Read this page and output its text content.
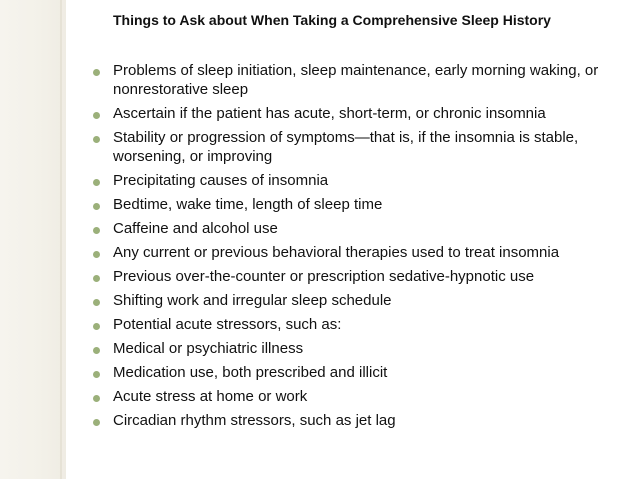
Things to Ask about When Taking a Comprehensive Sleep History
Problems of sleep initiation, sleep maintenance, early morning waking, or nonrestorative sleep
Ascertain if the patient has acute, short-term, or chronic insomnia
Stability or progression of symptoms—that is, if the insomnia is stable, worsening, or improving
Precipitating causes of insomnia
Bedtime, wake time, length of sleep time
Caffeine and alcohol use
Any current or previous behavioral therapies used to treat insomnia
Previous over-the-counter or prescription sedative-hypnotic use
Shifting work and irregular sleep schedule
Potential acute stressors, such as:
Medical or psychiatric illness
Medication use, both prescribed and illicit
Acute stress at home or work
Circadian rhythm stressors, such as jet lag
